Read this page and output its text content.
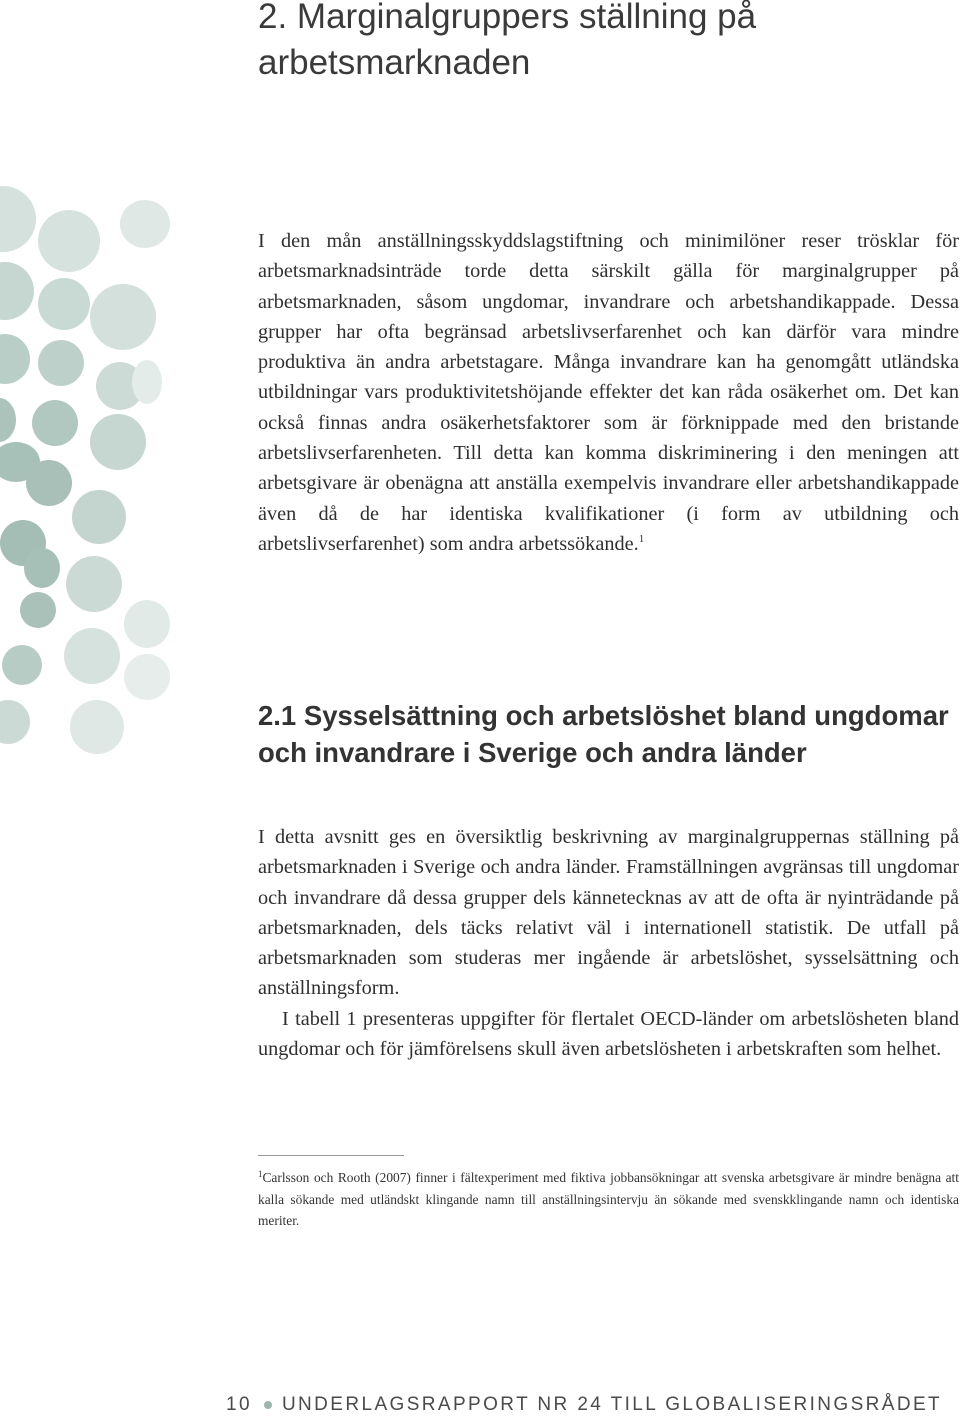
2. Marginalgruppers ställning på arbetsmarknaden

I den mån anställningsskyddslagstiftning och minimilöner reser trösklar för arbetsmarknadsinträde torde detta särskilt gälla för marginalgrupper på arbetsmarknaden, såsom ungdomar, invandrare och arbetshandikappade. Dessa grupper har ofta begränsad arbetslivserfarenhet och kan därför vara mindre produktiva än andra arbetstagare. Många invandrare kan ha genomgått utländska utbildningar vars produktivitetshöjande effekter det kan råda osäkerhet om. Det kan också finnas andra osäkerhetsfaktorer som är förknippade med den bristande arbetslivserfarenheten. Till detta kan komma diskriminering i den meningen att arbetsgivare är obenägna att anställa exempelvis invandrare eller arbetshandikappade även då de har identiska kvalifikationer (i form av utbildning och arbetslivserfarenhet) som andra arbetssökande.$^1$

2.1 Sysselsättning och arbetslöshet bland ungdomar och invandrare i Sverige och andra länder

I detta avsnitt ges en översiktlig beskrivning av marginalgruppernas ställning på arbetsmarknaden i Sverige och andra länder. Framställningen avgränsas till ungdomar och invandrare då dessa grupper dels kännetecknas av att de ofta är nyinträdande på arbetsmarknaden, dels täcks relativt väl i internationell statistik. De utfall på arbetsmarknaden som studeras mer ingående är arbetslöshet, sysselsättning och anställningsform.

I tabell 1 presenteras uppgifter för flertalet OECD-länder om arbetslösheten bland ungdomar och för jämförelsens skull även arbetslösheten i arbetskraften som helhet.

$^1$Carlsson och Rooth (2007) finner i fältexperiment med fiktiva jobbansökningar att svenska arbetsgivare är mindre benägna att kalla sökande med utländskt klingande namn till anställningsintervju än sökande med svenskklingande namn och identiska meriter.

10 UNDERLAGSRAPPORT NR 24 TILL GLOBALISERINGSRÅDET
